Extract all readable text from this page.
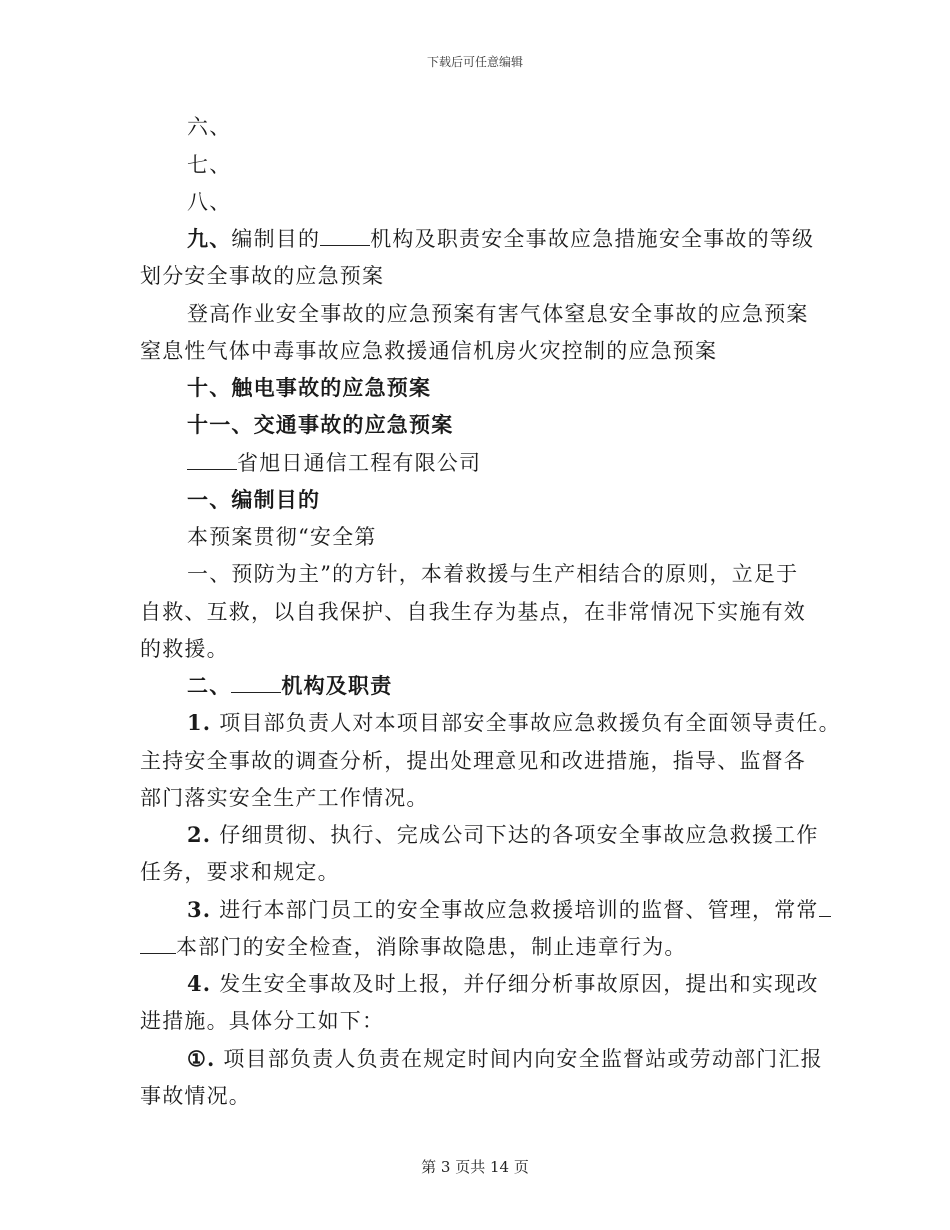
下载后可任意编辑
六、
七、
八、
九、编制目的 机构及职责安全事故应急措施安全事故的等级
划分安全事故的应急预案
登高作业安全事故的应急预案有害气体窒息安全事故的应急预案
窒息性气体中毒事故应急救援通信机房火灾控制的应急预案
十、触电事故的应急预案
十一、交通事故的应急预案
省旭日通信工程有限公司
一、编制目的
本预案贯彻“安全第
一、预防为主”的方针，本着救援与生产相结合的原则，立足于
自救、互救，以自我保护、自我生存为基点，在非常情况下实施有效
的救援。
二、 机构及职责
1. 项目部负责人对本项目部安全事故应急救援负有全面领导责任。
主持安全事故的调查分析，提出处理意见和改进措施，指导、监督各
部门落实安全生产工作情况。
2. 仔细贯彻、执行、完成公司下达的各项安全事故应急救援工作
任务，要求和规定。
3. 进行本部门员工的安全事故应急救援培训的监督、管理，常常
本部门的安全检查，消除事故隐患，制止违章行为。
4. 发生安全事故及时上报，并仔细分析事故原因，提出和实现改
进措施。具体分工如下：
①. 项目部负责人负责在规定时间内向安全监督站或劳动部门汇报
事故情况。
第 3 页共 14 页
